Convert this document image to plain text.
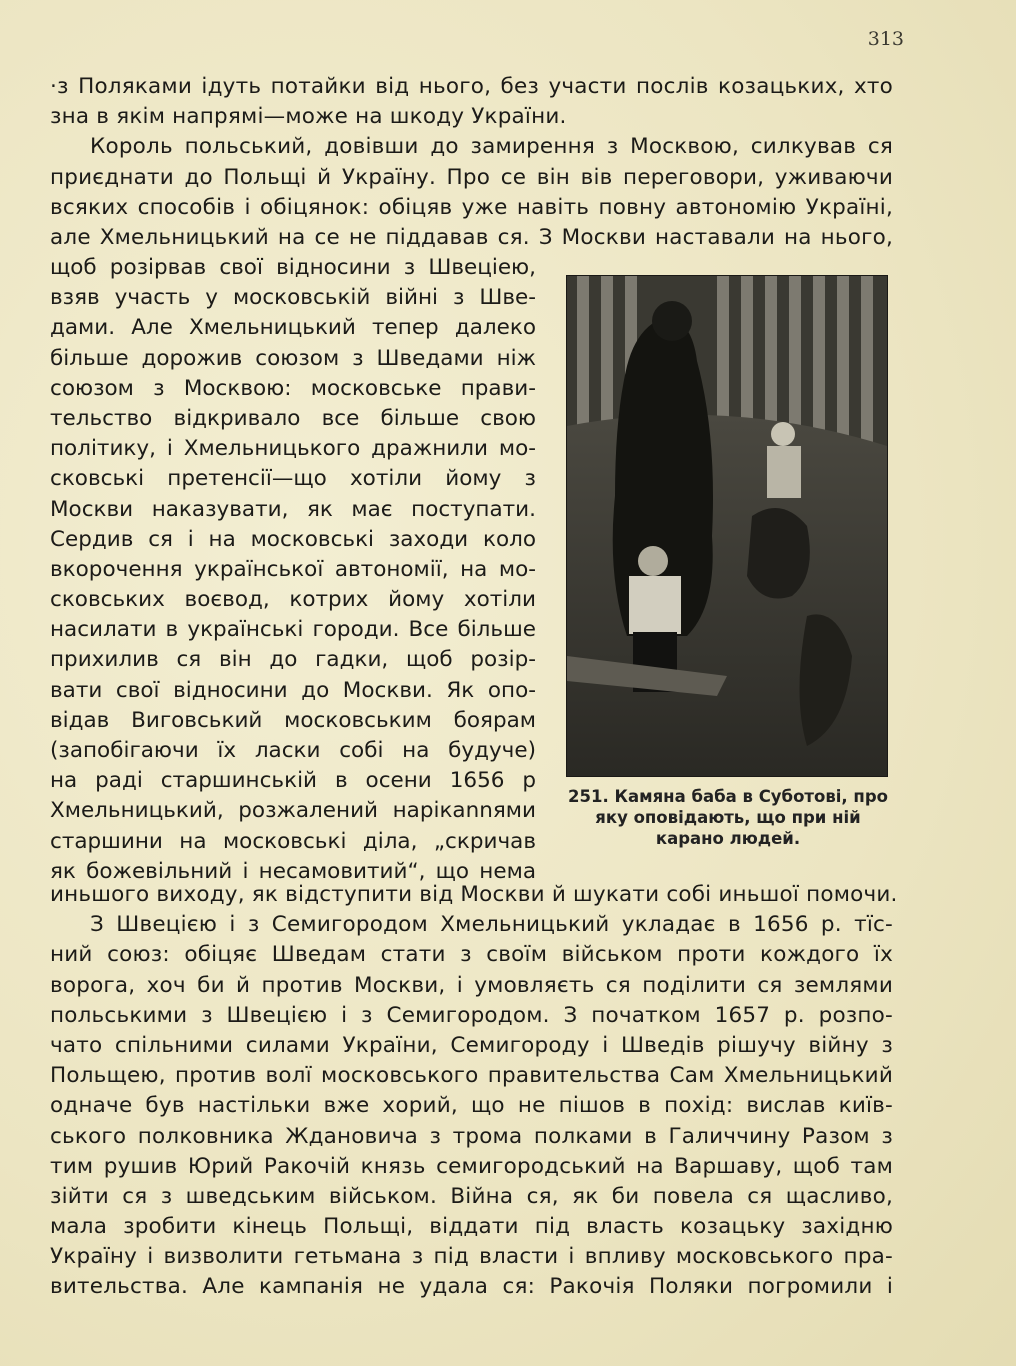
313
·з Поляками ідуть потайки від нього, без участи послів козацьких, хто
зна в якім напрямі—може на шкоду України.
Король польський, довівши до замирення з Москвою, силкував ся
приєднати до Польщі й Україну. Про се він вів переговори, уживаючи
всяких способів і обіцянок: обіцяв уже навіть повну автономію Україні,
але Хмельницький на се не піддавав ся. З Москви наставали на нього,
щоб розірвав свої відносини з Швеціею,
взяв участь у московській війні з Шве-
дами. Але Хмельницький тепер далеко
більше дорожив союзом з Шведами ніж
союзом з Москвою: московське прави-
тельство відкривало все більше свою
політику, і Хмельницького дражнили мо-
сковські претенсії—що хотіли йому з
Москви наказувати, як має поступати.
Сердив ся і на московські заходи коло
вкорочення української автономії, на мо-
сковських воєвод, котрих йому хотіли
насилати в українські городи. Все більше
прихилив ся він до гадки, щоб розір-
вати свої відносини до Москви. Як опо-
відав Виговський московським боярам
(запобігаючи їх ласки собі на будуче)
на раді старшинській в осени 1656 р
Хмельницький, розжалений нарікannями
старшини на московські діла, „скричав
як божевільний і несамовитий“, що нема
251. Камяна баба в Суботові, про яку оповідають, що при ній карано людей.
иньшого виходу, як відступити від Москви й шукати собі иньшої помочи.
З Швецією і з Семигородом Хмельницький укладає в 1656 р. тїс-
ний союз: обіцяє Шведам стати з своїм військом проти кождого їх
ворога, хоч би й против Москви, і умовляєть ся поділити ся землями
польськими з Швецією і з Семигородом. З початком 1657 р. розпо-
чато спільними силами України, Семигороду і Шведів рішучу війну з
Польщею, против волї московського правительства Сам Хмельницький
одначе був настільки вже хорий, що не пішов в похід: вислав київ-
ського полковника Ждановича з трома полками в Галиччину Разом з
тим рушив Юрий Ракочій князь семигородський на Варшаву, щоб там
зійти ся з шведським військом. Війна ся, як би повела ся щасливо,
мала зробити кінець Польщі, віддати під власть козацьку західню
Україну і визволити гетьмана з під власти і впливу московського пра-
вительства. Але кампанія не удала ся: Ракочія Поляки погромили і
